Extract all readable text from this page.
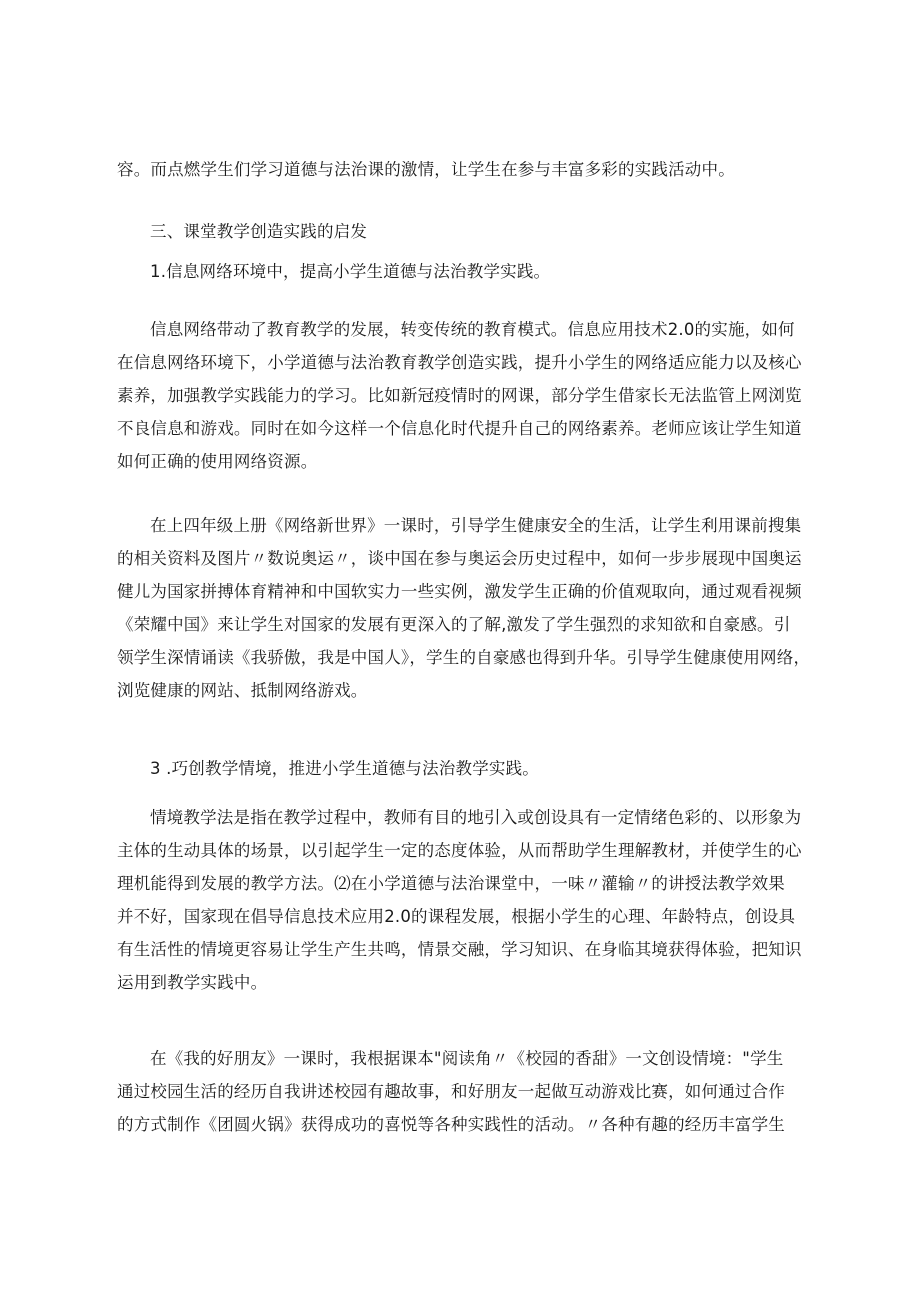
容。而点燃学生们学习道德与法治课的激情，让学生在参与丰富多彩的实践活动中。
三、课堂教学创造实践的启发
1.信息网络环境中，提高小学生道德与法治教学实践。

信息网络带动了教育教学的发展，转变传统的教育模式。信息应用技术2.0的实施，如何

在信息网络环境下，小学道德与法治教育教学创造实践，提升小学生的网络适应能力以及核心

素养，加强教学实践能力的学习。比如新冠疫情时的网课，部分学生借家长无法监管上网浏览

不良信息和游戏。同时在如今这样一个信息化时代提升自己的网络素养。老师应该让学生知道

如何正确的使用网络资源。

在上四年级上册《网络新世界》一课时，引导学生健康安全的生活，让学生利用课前搜集

的相关资料及图片〃数说奥运〃，谈中国在参与奥运会历史过程中，如何一步步展现中国奥运

健儿为国家拼搏体育精神和中国软实力一些实例，激发学生正确的价值观取向，通过观看视频

《荣耀中国》来让学生对国家的发展有更深入的了解,激发了学生强烈的求知欲和自豪感。引

领学生深情诵读《我骄傲，我是中国人》，学生的自豪感也得到升华。引导学生健康使用网络，

浏览健康的网站、抵制网络游戏。

3 .巧创教学情境，推进小学生道德与法治教学实践。

情境教学法是指在教学过程中，教师有目的地引入或创设具有一定情绪色彩的、以形象为

主体的生动具体的场景，以引起学生一定的态度体验，从而帮助学生理解教材，并使学生的心

理机能得到发展的教学方法。⑵在小学道德与法治课堂中，一味〃灌输〃的讲授法教学效果

并不好，国家现在倡导信息技术应用2.0的课程发展，根据小学生的心理、年龄特点，创设具

有生活性的情境更容易让学生产生共鸣，情景交融，学习知识、在身临其境获得体验，把知识

运用到教学实践中。

在《我的好朋友》一课时，我根据课本"阅读角〃《校园的香甜》一文创设情境："学生

通过校园生活的经历自我讲述校园有趣故事，和好朋友一起做互动游戏比赛，如何通过合作

的方式制作《团圆火锅》获得成功的喜悦等各种实践性的活动。〃各种有趣的经历丰富学生
